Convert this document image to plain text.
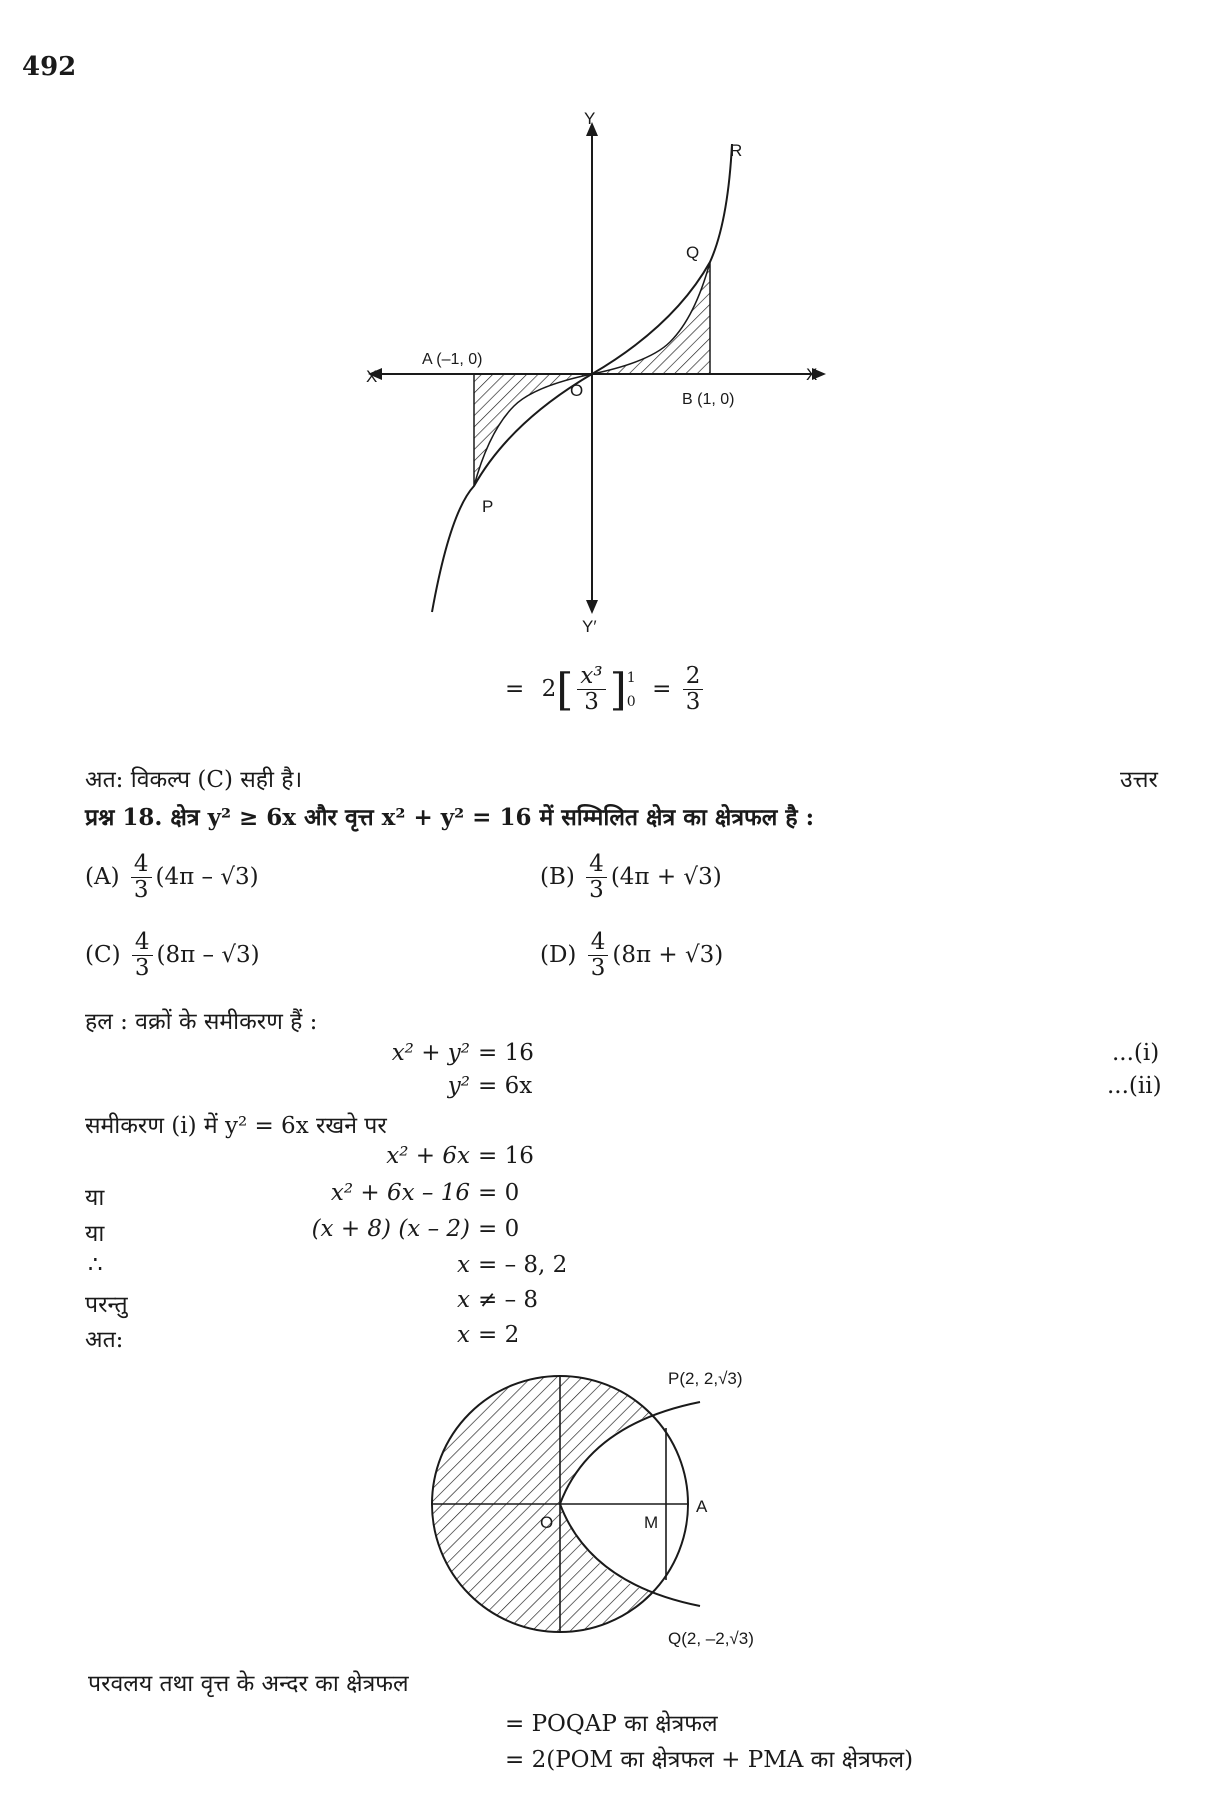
492
Y
Y′
X′	X
O
A (–1, 0)
B (1, 0)
P
Q
R
= $2[ \frac{\text{x³}}{3}$ ] 1
$0 = \frac{2}{3}$
अत: विकल्प (C) सही है।	उत्तर
प्रश्न 18. क्षेत्र y² ≥ 6x और वृत्त x² + y² = 16 में सम्मिलित क्षेत्र का क्षेत्रफल है :
$(A) \frac{4}{3} (4\pi - √3)$	$(B) \frac{4}{3} (4\pi + √3)$
$(C) \frac{4}{3} (8\pi - √3)$	$(D) \frac{4}{3} (8\pi + √3)$
हल : वक्रों के समीकरण हैं :
x² + y² = 16	...(i)
y² = 6x	...(ii)
समीकरण (i) में y² = 6x रखने पर
x² + 6x = 16
या	x² + 6x – 16 = 0
या	(x + 8) (x – 2) = 0
∴	x = – 8, 2
परन्तु	x ≠ – 8
अत:	x = 2
P(2, 2,√3)
Q(2, –2,√3)
O	M
A
परवलय तथा वृत्त के अन्दर का क्षेत्रफल
= POQAP का क्षेत्रफल
= 2(POM का क्षेत्रफल + PMA का क्षेत्रफल)
